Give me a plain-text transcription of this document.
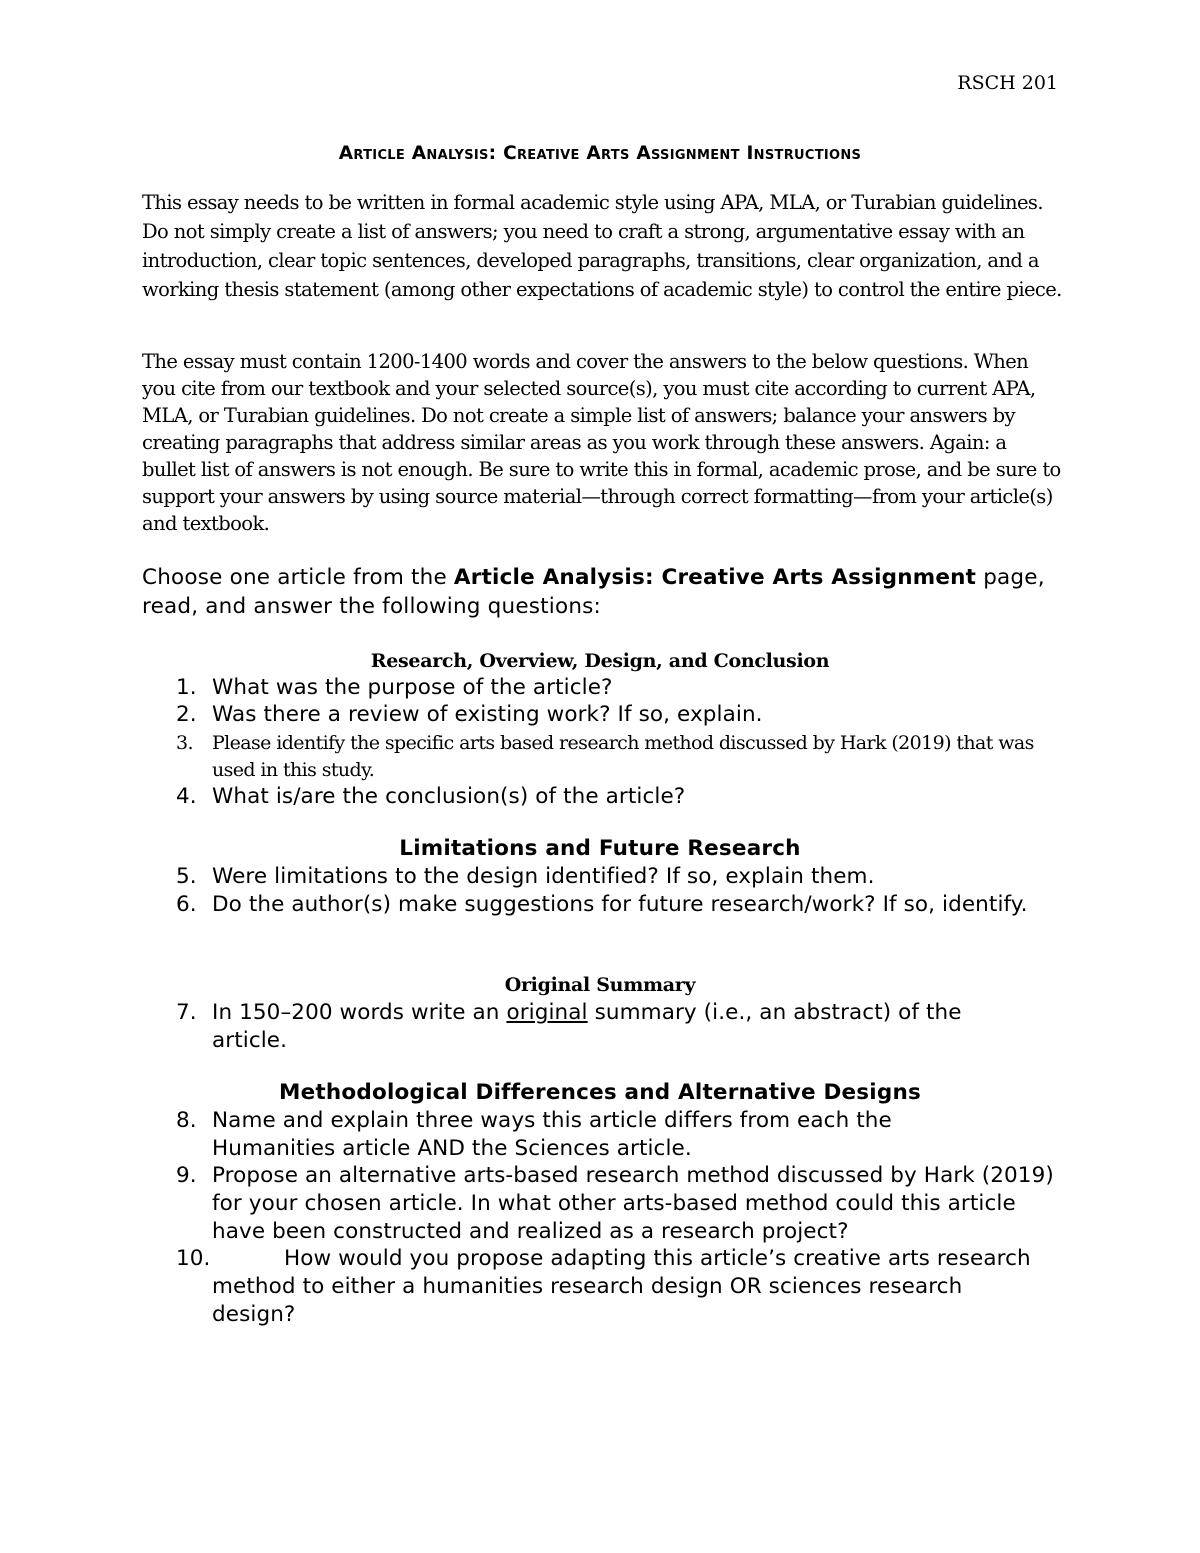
RSCH 201
Article Analysis: Creative Arts Assignment Instructions

This essay needs to be written in formal academic style using APA, MLA, or Turabian guidelines. Do not simply create a list of answers; you need to craft a strong, argumentative essay with an introduction, clear topic sentences, developed paragraphs, transitions, clear organization, and a working thesis statement (among other expectations of academic style) to control the entire piece.

The essay must contain 1200-1400 words and cover the answers to the below questions. When you cite from our textbook and your selected source(s), you must cite according to current APA, MLA, or Turabian guidelines. Do not create a simple list of answers; balance your answers by creating paragraphs that address similar areas as you work through these answers. Again: a bullet list of answers is not enough. Be sure to write this in formal, academic prose, and be sure to support your answers by using source material—through correct formatting—from your article(s) and textbook.

Choose one article from the Article Analysis: Creative Arts Assignment page, read, and answer the following questions:

Research, Overview, Design, and Conclusion
1. What was the purpose of the article?
2. Was there a review of existing work? If so, explain.
3. Please identify the specific arts based research method discussed by Hark (2019) that was used in this study.
4. What is/are the conclusion(s) of the article?
Limitations and Future Research
5. Were limitations to the design identified? If so, explain them.
6. Do the author(s) make suggestions for future research/work? If so, identify.
Original Summary
7. In 150–200 words write an original summary (i.e., an abstract) of the article.
Methodological Differences and Alternative Designs
8. Name and explain three ways this article differs from each the Humanities article AND the Sciences article.
9. Propose an alternative arts-based research method discussed by Hark (2019) for your chosen article. In what other arts-based method could this article have been constructed and realized as a research project?
10.	How would you propose adapting this article’s creative arts research method to either a humanities research design OR sciences research design?
